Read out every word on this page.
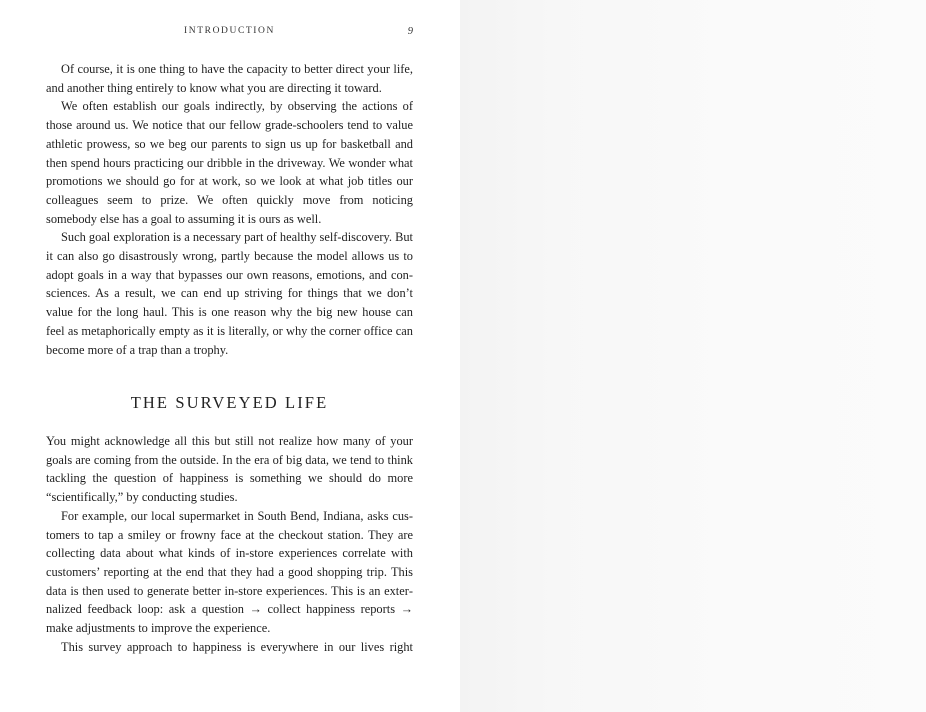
INTRODUCTION	9

Of course, it is one thing to have the capacity to better direct your life, and another thing entirely to know what you are directing it toward.

We often establish our goals indirectly, by observing the actions of those around us. We notice that our fellow grade-schoolers tend to value athletic prowess, so we beg our parents to sign us up for basketball and then spend hours practicing our dribble in the driveway. We wonder what promotions we should go for at work, so we look at what job titles our colleagues seem to prize. We often quickly move from noticing somebody else has a goal to assuming it is ours as well.

Such goal exploration is a necessary part of healthy self-discovery. But it can also go disastrously wrong, partly because the model allows us to adopt goals in a way that bypasses our own reasons, emotions, and consciences. As a result, we can end up striving for things that we don’t value for the long haul. This is one reason why the big new house can feel as metaphorically empty as it is literally, or why the corner office can become more of a trap than a trophy.

THE SURVEYED LIFE

You might acknowledge all this but still not realize how many of your goals are coming from the outside. In the era of big data, we tend to think tackling the question of happiness is something we should do more “scientifically,” by conducting studies.

For example, our local supermarket in South Bend, Indiana, asks customers to tap a smiley or frowny face at the checkout station. They are collecting data about what kinds of in-store experiences correlate with customers’ reporting at the end that they had a good shopping trip. This data is then used to generate better in-store experiences. This is an externalized feedback loop: ask a question → collect happiness reports → make adjustments to improve the experience.

This survey approach to happiness is everywhere in our lives right
